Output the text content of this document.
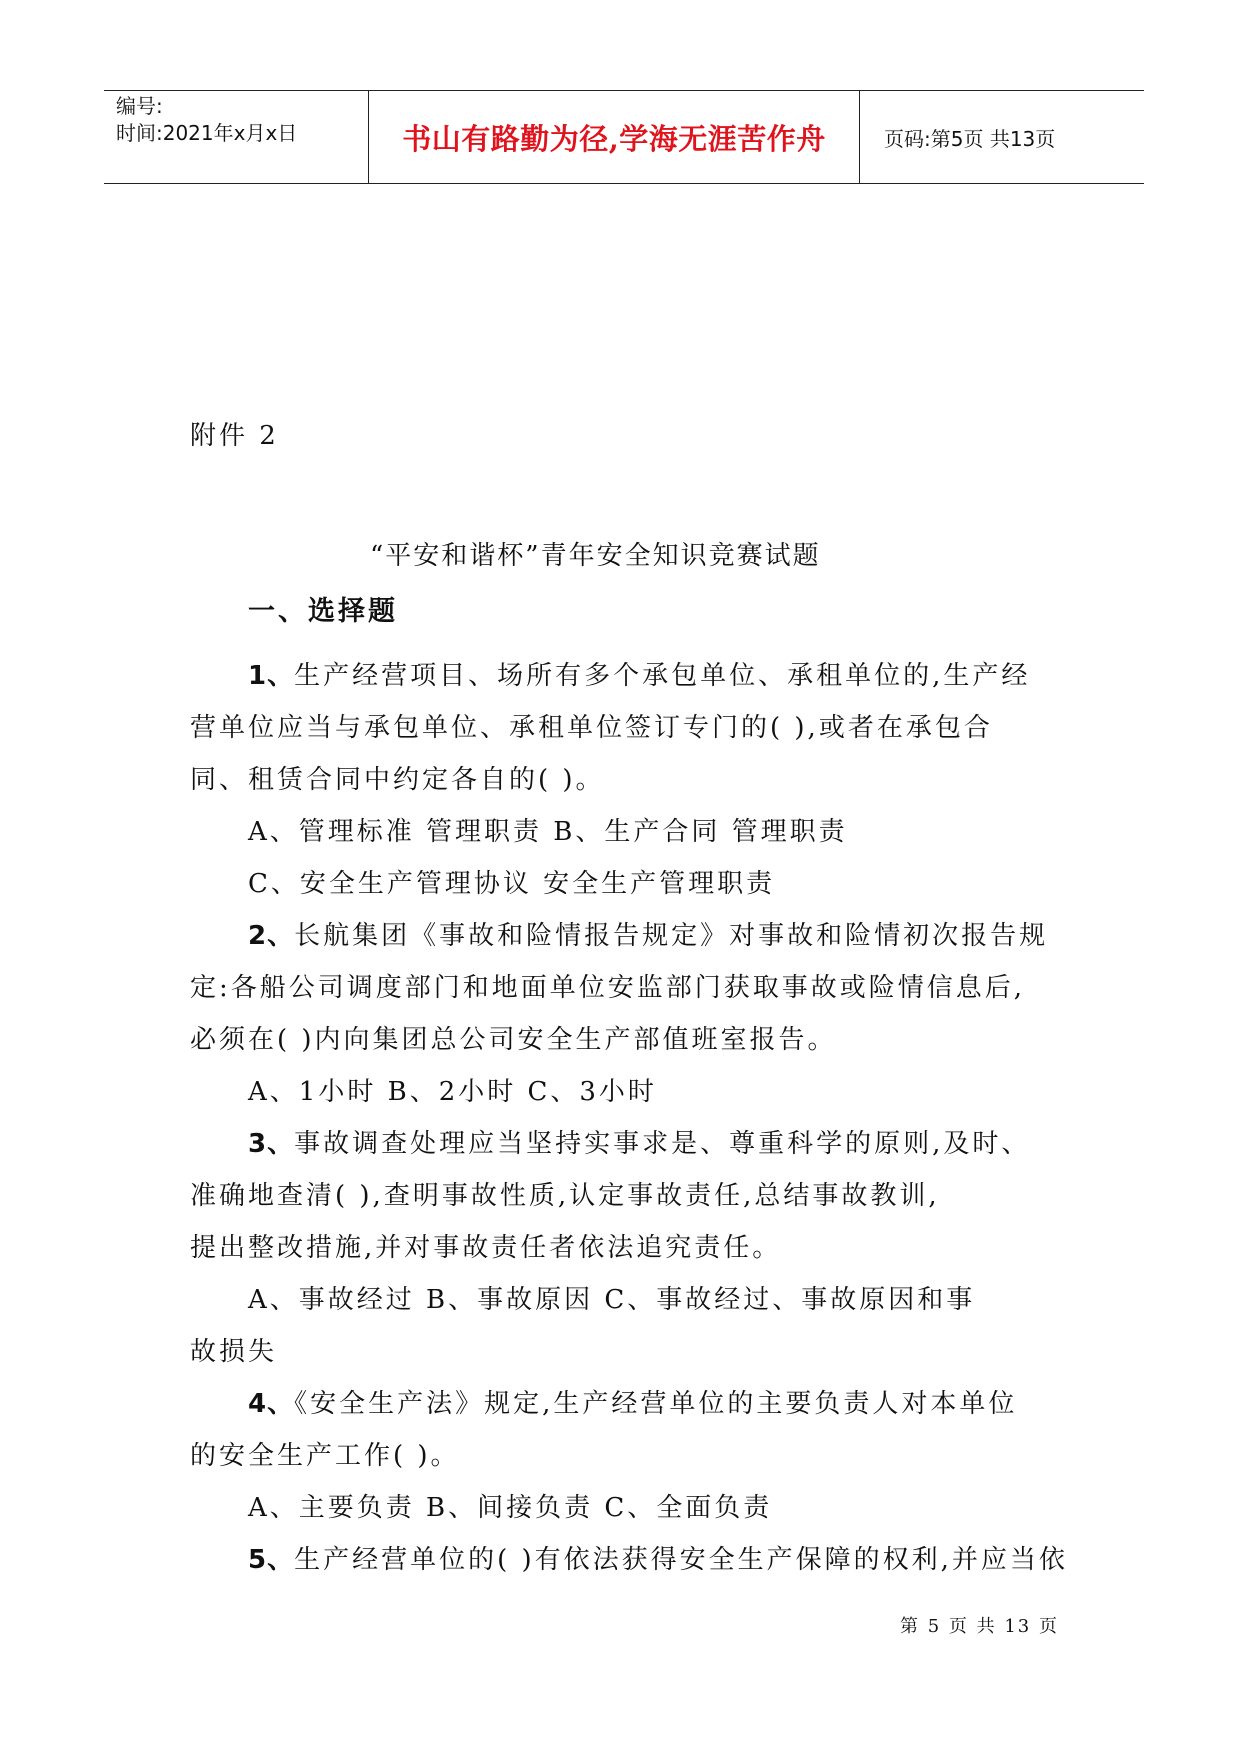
编号:
时间:2021年x月x日	书山有路勤为径,学海无涯苦作舟	页码:第5页 共13页
附件 2
“平安和谐杯”青年安全知识竞赛试题
一、选择题
1、生产经营项目、场所有多个承包单位、承租单位的,生产经
营单位应当与承包单位、承租单位签订专门的( ),或者在承包合
同、租赁合同中约定各自的( )。
A、管理标准 管理职责 B、生产合同 管理职责
C、安全生产管理协议 安全生产管理职责
2、长航集团《事故和险情报告规定》对事故和险情初次报告规
定:各船公司调度部门和地面单位安监部门获取事故或险情信息后,
必须在( )内向集团总公司安全生产部值班室报告。
A、1小时 B、2小时 C、3小时
3、事故调查处理应当坚持实事求是、尊重科学的原则,及时、
准确地查清( ),查明事故性质,认定事故责任,总结事故教训,
提出整改措施,并对事故责任者依法追究责任。
A、事故经过 B、事故原因 C、事故经过、事故原因和事
故损失
4、《安全生产法》规定,生产经营单位的主要负责人对本单位
的安全生产工作( )。
A、主要负责 B、间接负责 C、全面负责
5、生产经营单位的( )有依法获得安全生产保障的权利,并应当依
第 5 页 共 13 页
